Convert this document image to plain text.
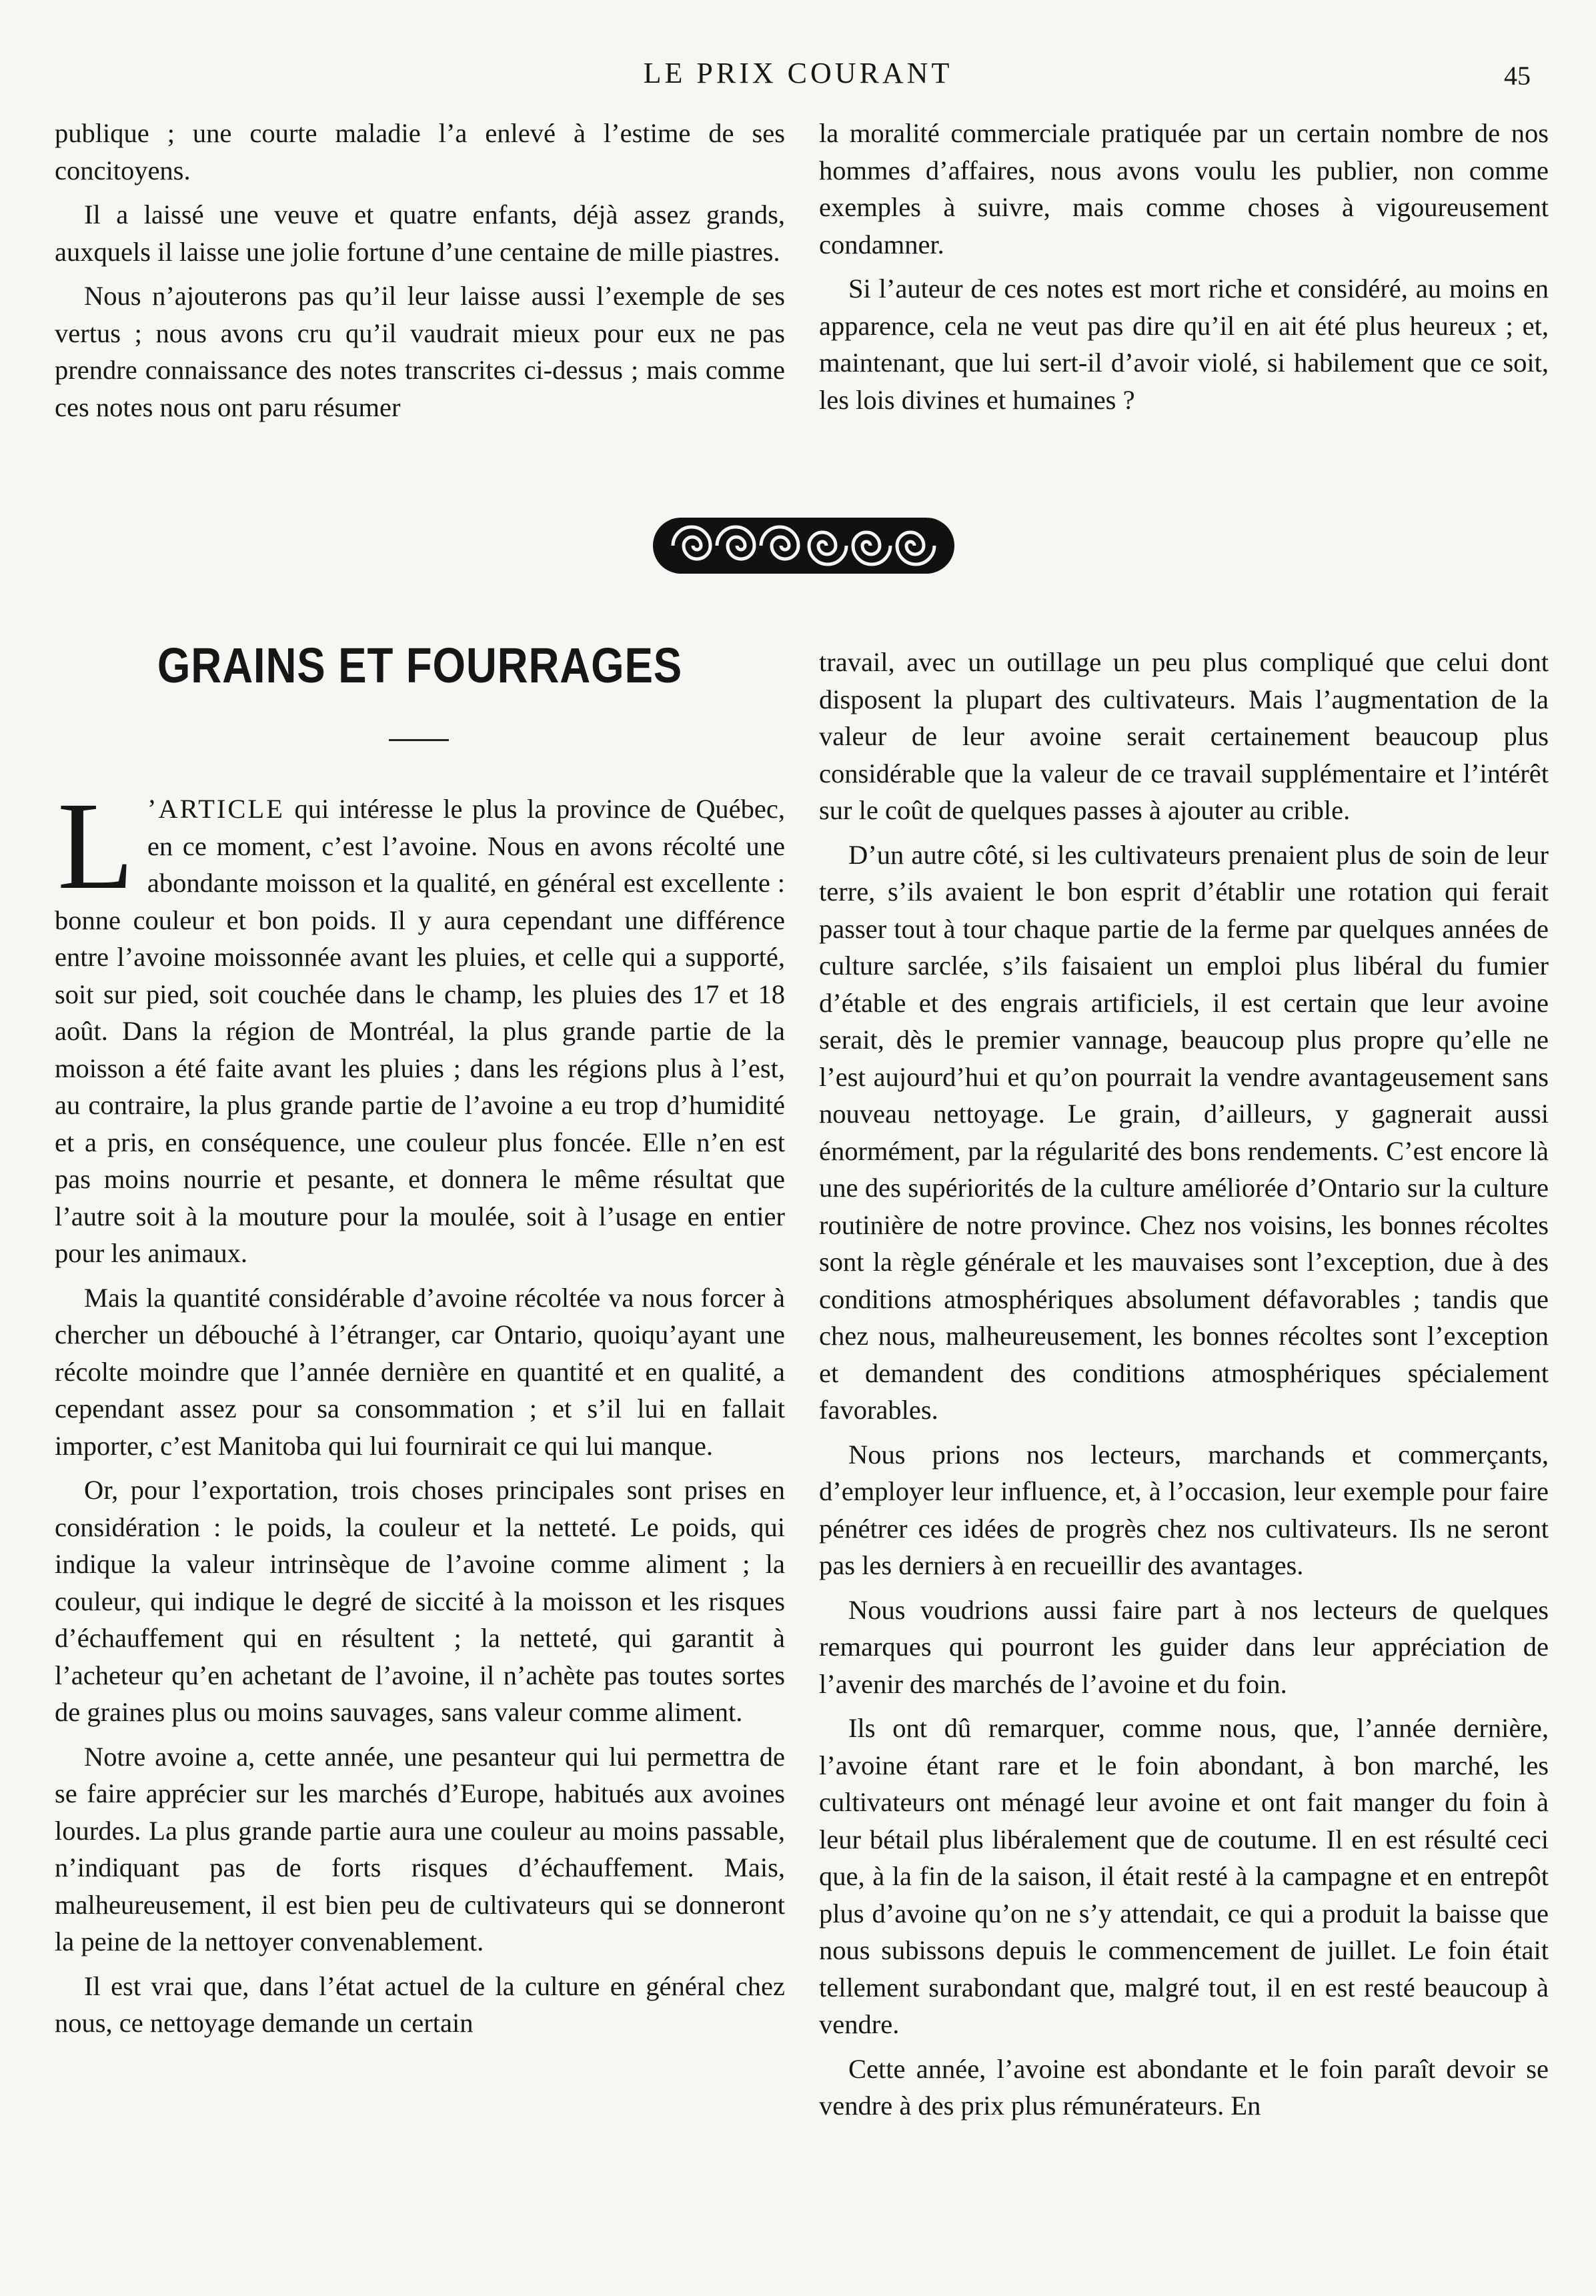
LE PRIX COURANT	45

publique ; une courte maladie l’a enlevé à l’estime de ses concitoyens.

Il a laissé une veuve et quatre enfants, déjà assez grands, auxquels il laisse une jolie fortune d’une centaine de mille piastres.

Nous n’ajouterons pas qu’il leur laisse aussi l’exemple de ses vertus ; nous avons cru qu’il vaudrait mieux pour eux ne pas prendre connaissance des notes transcrites ci-dessus ; mais comme ces notes nous ont paru résumer

la moralité commerciale pratiquée par un certain nombre de nos hommes d’affaires, nous avons voulu les publier, non comme exemples à suivre, mais comme choses à vigoureusement condamner.

Si l’auteur de ces notes est mort riche et considéré, au moins en apparence, cela ne veut pas dire qu’il en ait été plus heureux ; et, maintenant, que lui sert-il d’avoir violé, si habilement que ce soit, les lois divines et humaines ?

GRAINS ET FOURRAGES

L ’ARTICLE qui intéresse le plus la province de Québec, en ce moment, c’est l’avoine. Nous en avons récolté une abondante moisson et la qualité, en général est excellente : bonne couleur et bon poids. Il y aura cependant une différence entre l’avoine moissonnée avant les pluies, et celle qui a supporté, soit sur pied, soit couchée dans le champ, les pluies des 17 et 18 août. Dans la région de Montréal, la plus grande partie de la moisson a été faite avant les pluies ; dans les régions plus à l’est, au contraire, la plus grande partie de l’avoine a eu trop d’humidité et a pris, en conséquence, une couleur plus foncée. Elle n’en est pas moins nourrie et pesante, et donnera le même résultat que l’autre soit à la mouture pour la moulée, soit à l’usage en entier pour les animaux.

Mais la quantité considérable d’avoine récoltée va nous forcer à chercher un débouché à l’étranger, car Ontario, quoiqu’ayant une récolte moindre que l’année dernière en quantité et en qualité, a cependant assez pour sa consommation ; et s’il lui en fallait importer, c’est Manitoba qui lui fournirait ce qui lui manque.

Or, pour l’exportation, trois choses principales sont prises en considération : le poids, la couleur et la netteté. Le poids, qui indique la valeur intrinsèque de l’avoine comme aliment ; la couleur, qui indique le degré de siccité à la moisson et les risques d’échauffement qui en résultent ; la netteté, qui garantit à l’acheteur qu’en achetant de l’avoine, il n’achète pas toutes sortes de graines plus ou moins sauvages, sans valeur comme aliment.

Notre avoine a, cette année, une pesanteur qui lui permettra de se faire apprécier sur les marchés d’Europe, habitués aux avoines lourdes. La plus grande partie aura une couleur au moins passable, n’indiquant pas de forts risques d’échauffement. Mais, malheureusement, il est bien peu de cultivateurs qui se donneront la peine de la nettoyer convenablement.

Il est vrai que, dans l’état actuel de la culture en général chez nous, ce nettoyage demande un certain

travail, avec un outillage un peu plus compliqué que celui dont disposent la plupart des cultivateurs. Mais l’augmentation de la valeur de leur avoine serait certainement beaucoup plus considérable que la valeur de ce travail supplémentaire et l’intérêt sur le coût de quelques passes à ajouter au crible.

D’un autre côté, si les cultivateurs prenaient plus de soin de leur terre, s’ils avaient le bon esprit d’établir une rotation qui ferait passer tout à tour chaque partie de la ferme par quelques années de culture sarclée, s’ils faisaient un emploi plus libéral du fumier d’étable et des engrais artificiels, il est certain que leur avoine serait, dès le premier vannage, beaucoup plus propre qu’elle ne l’est aujourd’hui et qu’on pourrait la vendre avantageusement sans nouveau nettoyage. Le grain, d’ailleurs, y gagnerait aussi énormément, par la régularité des bons rendements. C’est encore là une des supériorités de la culture améliorée d’Ontario sur la culture routinière de notre province. Chez nos voisins, les bonnes récoltes sont la règle générale et les mauvaises sont l’exception, due à des conditions atmosphériques absolument défavorables ; tandis que chez nous, malheureusement, les bonnes récoltes sont l’exception et demandent des conditions atmosphériques spécialement favorables.

Nous prions nos lecteurs, marchands et commerçants, d’employer leur influence, et, à l’occasion, leur exemple pour faire pénétrer ces idées de progrès chez nos cultivateurs. Ils ne seront pas les derniers à en recueillir des avantages.

Nous voudrions aussi faire part à nos lecteurs de quelques remarques qui pourront les guider dans leur appréciation de l’avenir des marchés de l’avoine et du foin.

Ils ont dû remarquer, comme nous, que, l’année dernière, l’avoine étant rare et le foin abondant, à bon marché, les cultivateurs ont ménagé leur avoine et ont fait manger du foin à leur bétail plus libéralement que de coutume. Il en est résulté ceci que, à la fin de la saison, il était resté à la campagne et en entrepôt plus d’avoine qu’on ne s’y attendait, ce qui a produit la baisse que nous subissons depuis le commencement de juillet. Le foin était tellement surabondant que, malgré tout, il en est resté beaucoup à vendre.

Cette année, l’avoine est abondante et le foin paraît devoir se vendre à des prix plus rémunérateurs. En
